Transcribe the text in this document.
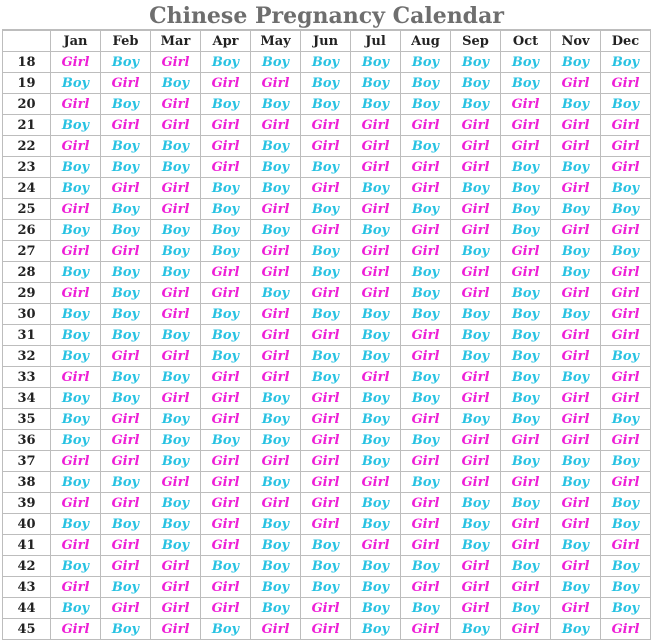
Chinese Pregnancy Calendar
	Jan	Feb	Mar	Apr	May	Jun	Jul	Aug	Sep	Oct	Nov	Dec
18	Girl	Boy	Girl	Boy	Boy	Boy	Boy	Boy	Boy	Boy	Boy	Boy
19	Boy	Girl	Boy	Girl	Girl	Boy	Boy	Boy	Boy	Boy	Girl	Girl
20	Girl	Boy	Girl	Boy	Boy	Boy	Boy	Boy	Boy	Girl	Boy	Boy
21	Boy	Girl	Girl	Girl	Girl	Girl	Girl	Girl	Girl	Girl	Girl	Girl
22	Girl	Boy	Boy	Girl	Boy	Girl	Girl	Boy	Girl	Girl	Girl	Girl
23	Boy	Boy	Boy	Girl	Boy	Boy	Girl	Girl	Girl	Boy	Boy	Girl
24	Boy	Girl	Girl	Boy	Boy	Girl	Boy	Girl	Boy	Boy	Girl	Boy
25	Girl	Boy	Girl	Boy	Girl	Boy	Girl	Boy	Girl	Boy	Boy	Boy
26	Boy	Boy	Boy	Boy	Boy	Girl	Boy	Girl	Girl	Boy	Girl	Girl
27	Girl	Girl	Boy	Boy	Girl	Boy	Girl	Girl	Boy	Girl	Boy	Boy
28	Boy	Boy	Boy	Girl	Girl	Boy	Girl	Boy	Girl	Girl	Boy	Girl
29	Girl	Boy	Girl	Girl	Boy	Girl	Girl	Boy	Girl	Boy	Girl	Girl
30	Boy	Boy	Girl	Boy	Girl	Boy	Boy	Boy	Boy	Boy	Boy	Girl
31	Boy	Boy	Boy	Boy	Girl	Girl	Boy	Girl	Boy	Boy	Girl	Girl
32	Boy	Girl	Girl	Boy	Girl	Boy	Boy	Girl	Boy	Boy	Girl	Boy
33	Girl	Boy	Boy	Girl	Girl	Boy	Girl	Boy	Girl	Boy	Boy	Girl
34	Boy	Boy	Girl	Girl	Boy	Girl	Boy	Boy	Girl	Boy	Girl	Girl
35	Boy	Girl	Boy	Girl	Boy	Girl	Boy	Girl	Boy	Boy	Girl	Boy
36	Boy	Girl	Boy	Boy	Boy	Girl	Boy	Boy	Girl	Girl	Girl	Girl
37	Girl	Girl	Boy	Girl	Girl	Girl	Boy	Girl	Girl	Boy	Boy	Boy
38	Boy	Boy	Girl	Girl	Boy	Girl	Girl	Boy	Girl	Girl	Boy	Girl
39	Girl	Girl	Boy	Girl	Girl	Girl	Boy	Girl	Boy	Boy	Girl	Boy
40	Boy	Boy	Boy	Girl	Boy	Girl	Boy	Girl	Boy	Girl	Girl	Boy
41	Girl	Girl	Boy	Girl	Boy	Boy	Girl	Girl	Boy	Girl	Boy	Girl
42	Boy	Girl	Girl	Boy	Boy	Boy	Boy	Boy	Girl	Boy	Girl	Boy
43	Girl	Boy	Girl	Girl	Boy	Boy	Boy	Girl	Girl	Girl	Boy	Boy
44	Boy	Girl	Girl	Girl	Boy	Girl	Boy	Boy	Girl	Boy	Girl	Boy
45	Girl	Boy	Girl	Boy	Girl	Girl	Boy	Girl	Boy	Girl	Boy	Girl
